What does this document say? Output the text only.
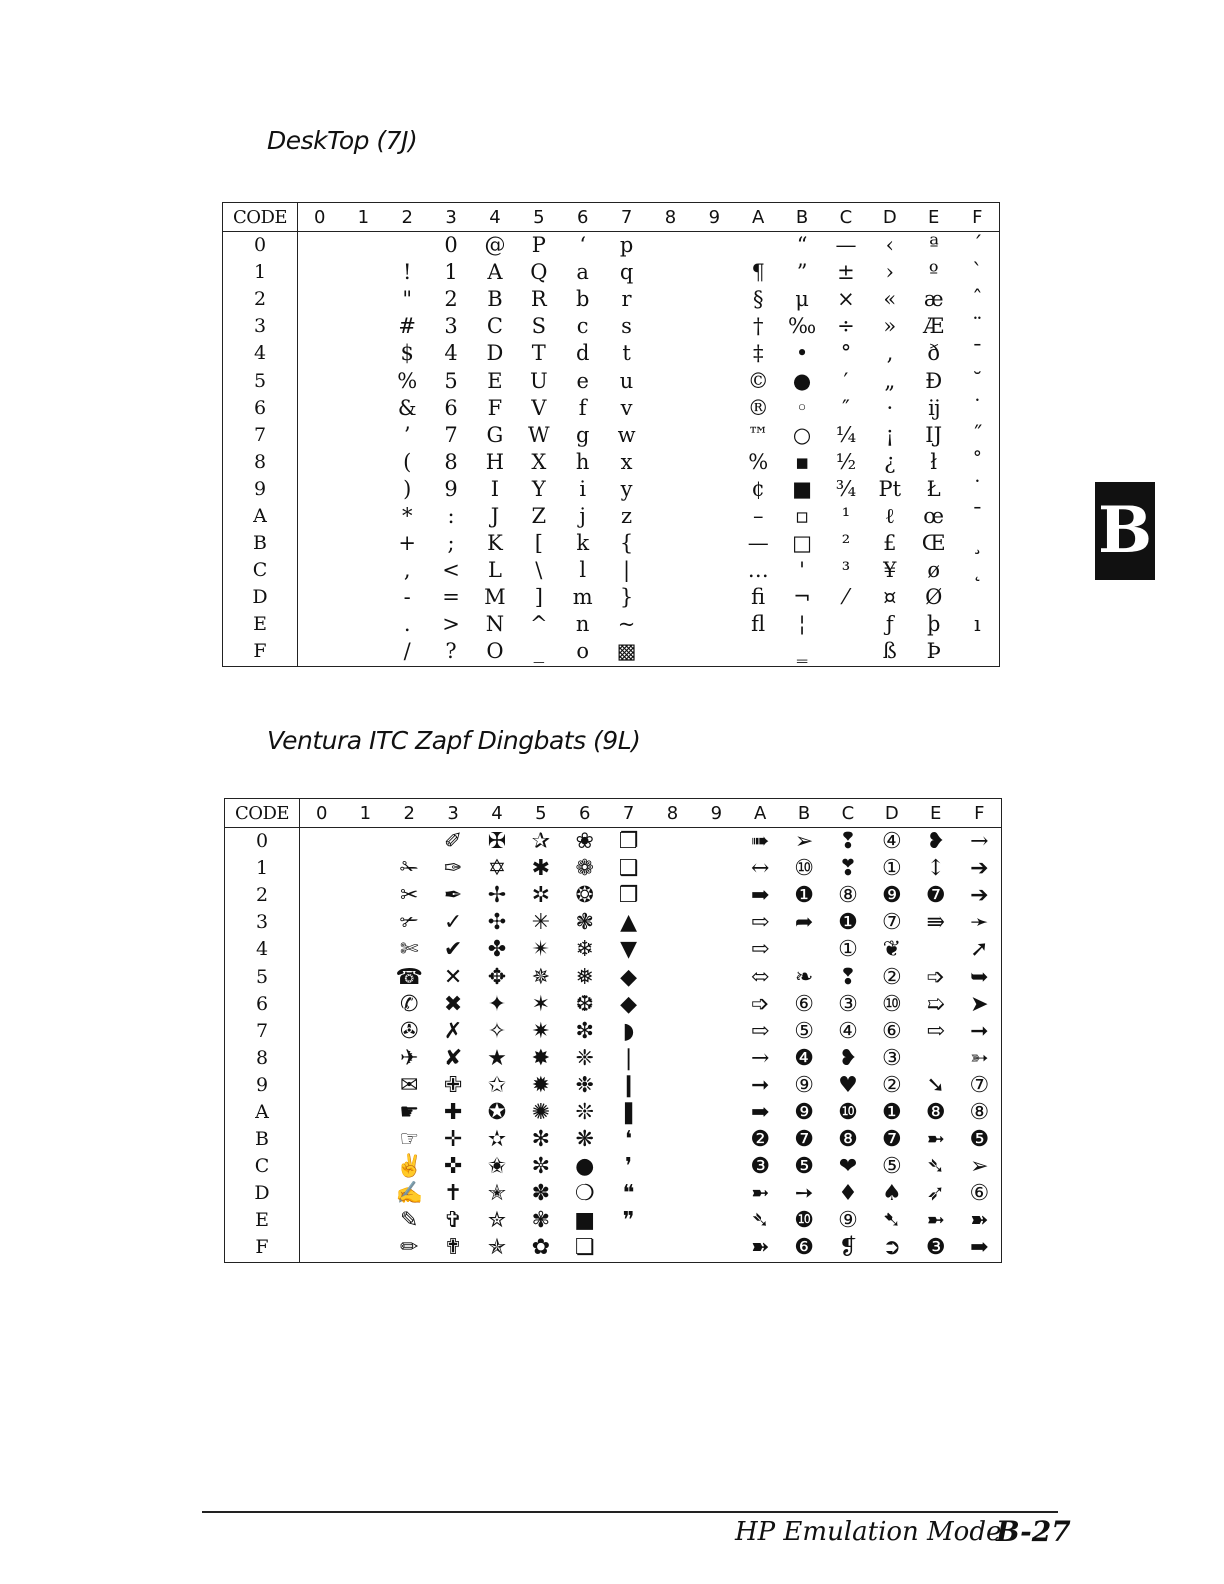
DeskTop (7J)
CODE	0	1	2	3	4	5	6	7	8	9	A	B	C	D	E	F
0				0	@	P	‘	p				“	—	‹	ª	´
1			!	1	A	Q	a	q			¶	”	±	›	º	`
2			"	2	B	R	b	r			§	μ	×	«	æ	ˆ
3			#	3	C	S	c	s			†	‰	÷	»	Æ	¨
4			$	4	D	T	d	t			‡	•	°	‚	ð	¯
5			%	5	E	U	e	u			©	●	′	„	Đ	˘
6			&	6	F	V	f	v			®	◦	″	·	ĳ	˙
7			’	7	G	W	g	w			™	○	¼	¡	Ĳ	˝
8			(	8	H	X	h	x			%	▪	½	¿	ł	˚
9			)	9	I	Y	i	y			¢	■	¾	Pt	Ł	˙
A			*	:	J	Z	j	z			–	▫	¹	ℓ	œ	¯
B			+	;	K	[	k	{			—	□	²	£	Œ	¸
C			,	<	L	\	l	|			…	'	³	¥	ø	˛
D			-	=	M	]	m	}			ﬁ	¬	⁄	¤	Ø	
E			.	>	N	^	n	~			ﬂ	¦		ƒ	þ	ı
F			/	?	O	_	o	▩				‗		ß	Þ	
Ventura ITC Zapf Dingbats (9L)
CODE	0	1	2	3	4	5	6	7	8	9	A	B	C	D	E	F
0				✐	✠	✰	❀	❐			➠	➢	❢	④	❥	→
1			✁	✑	✡	✱	❁	❑			↔	⑩	❣	①	↕	➔
2			✂	✒	✢	✲	❂	❒			➡	❶	⑧	❾	❼	➔
3			✃	✓	✣	✳	❃	▲			⇨	➦	❶	⑦	⇛	➛
4			✄	✔	✤	✴	❄	▼			⇨		①	❦		➚
5			☎	✕	✥	✵	❅	◆			⬄	❧	❢	②	➩	➥
6			✆	✖	✦	✶	❆	◆			➩	⑥	③	⑩	➯	➤
7			✇	✗	✧	✷	❇	◗			⇨	⑤	④	⑥	⇨	➞
8			✈	✘	★	✸	❈	❘			→	❹	❥	③		➳
9			✉	✙	✩	✹	❉	❙			➞	⑨	♥	②	➘	⑦
A			☛	✚	✪	✺	❊	❚			➡	❾	❿	❶	❽	⑧
B			☞	✛	✫	✻	❋	❛			❷	❼	❽	❼	➼	❺
C			✌	✜	✬	✼	●	❜			❸	❺	❤	⑤	➴	➢
D			✍	✝	✭	✽	❍	❝			➼	➙	♦	♠	➶	⑥
E			✎	✞	✮	✾	■	❞			➴	❿	⑨	➷	➼	➽
F			✏	✟	✯	✿	❏				➽	❻	❡	➲	❸	➡
B
HP Emulation Mode
B-27
